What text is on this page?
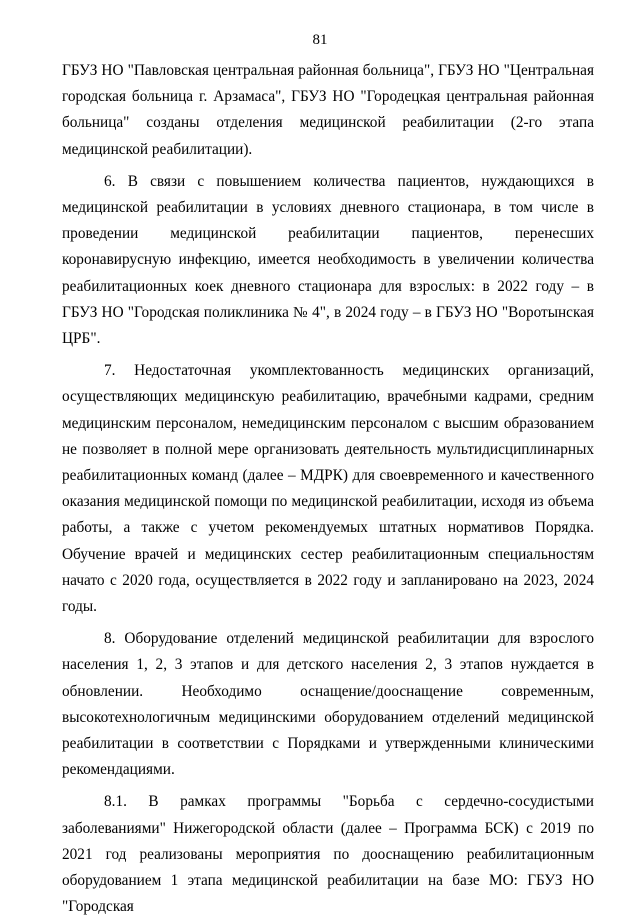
81

ГБУЗ НО "Павловская центральная районная больница", ГБУЗ НО "Центральная городская больница г. Арзамаса", ГБУЗ НО "Городецкая центральная районная больница" созданы отделения медицинской реабилитации (2-го этапа медицинской реабилитации).

6. В связи с повышением количества пациентов, нуждающихся в медицинской реабилитации в условиях дневного стационара, в том числе в проведении медицинской реабилитации пациентов, перенесших коронавирусную инфекцию, имеется необходимость в увеличении количества реабилитационных коек дневного стационара для взрослых: в 2022 году – в ГБУЗ НО "Городская поликлиника № 4", в 2024 году – в ГБУЗ НО "Воротынская ЦРБ".

7. Недостаточная укомплектованность медицинских организаций, осуществляющих медицинскую реабилитацию, врачебными кадрами, средним медицинским персоналом, немедицинским персоналом с высшим образованием не позволяет в полной мере организовать деятельность мультидисциплинарных реабилитационных команд (далее – МДРК) для своевременного и качественного оказания медицинской помощи по медицинской реабилитации, исходя из объема работы, а также с учетом рекомендуемых штатных нормативов Порядка. Обучение врачей и медицинских сестер реабилитационным специальностям начато с 2020 года, осуществляется в 2022 году и запланировано на 2023, 2024 годы.

8. Оборудование отделений медицинской реабилитации для взрослого населения 1, 2, 3 этапов и для детского населения 2, 3 этапов нуждается в обновлении. Необходимо оснащение/дооснащение современным, высокотехнологичным медицинскими оборудованием отделений медицинской реабилитации в соответствии с Порядками и утвержденными клиническими рекомендациями.

8.1. В рамках программы "Борьба с сердечно-сосудистыми заболеваниями" Нижегородской области (далее – Программа БСК) с 2019 по 2021 год реализованы мероприятия по дооснащению реабилитационным оборудованием 1 этапа медицинской реабилитации на базе МО: ГБУЗ НО "Городская
